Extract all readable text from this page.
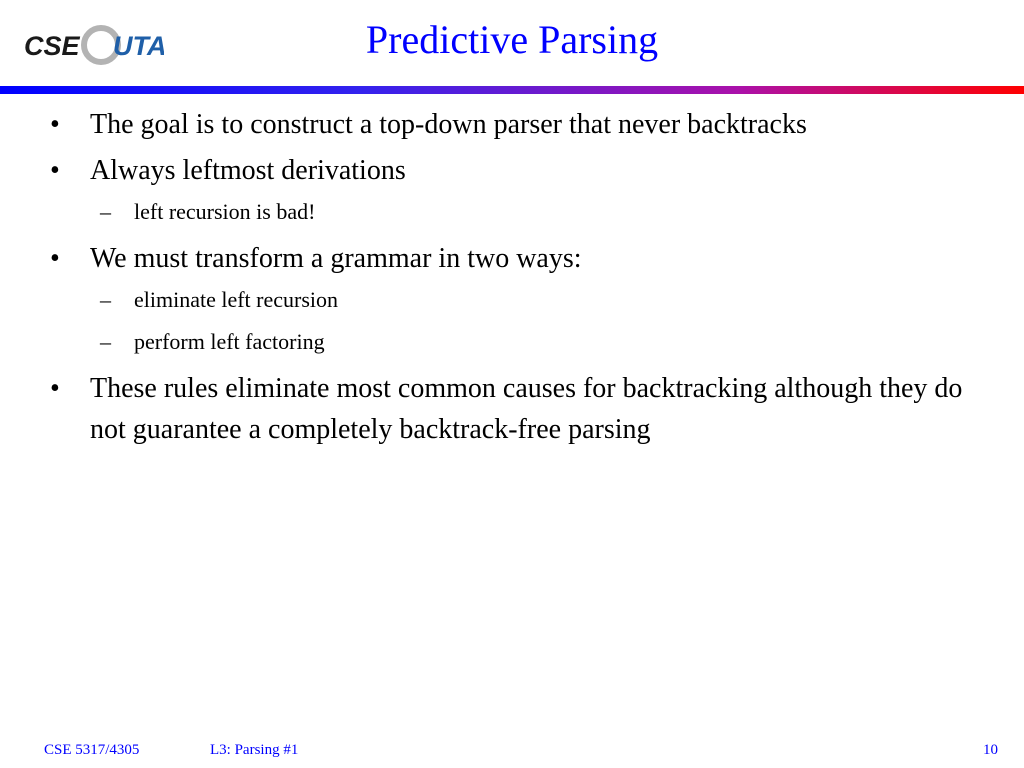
CSE UTA	Predictive Parsing
• The goal is to construct a top-down parser that never backtracks
• Always leftmost derivations
– left recursion is bad!
• We must transform a grammar in two ways:
– eliminate left recursion
– perform left factoring
• These rules eliminate most common causes for backtracking although they do not guarantee a completely backtrack-free parsing
CSE 5317/4305	L3: Parsing #1	10
